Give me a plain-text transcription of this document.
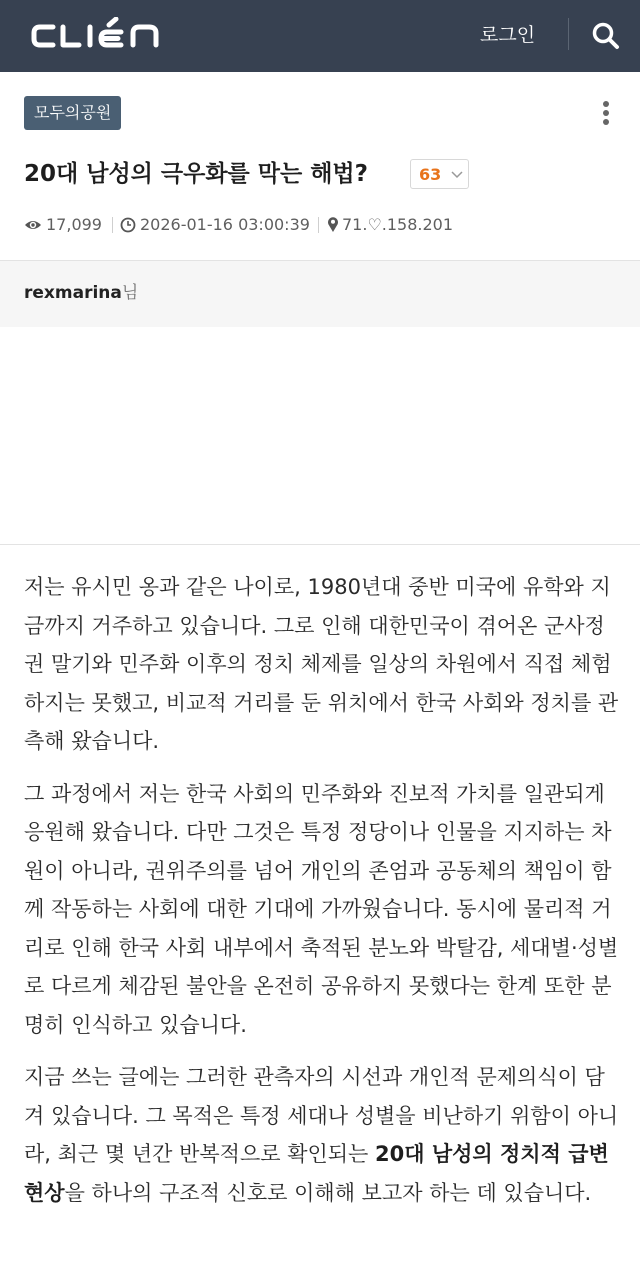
로그인
모두의공원
20대 남성의 극우화를 막는 해법?	63
17,099 2026-01-16 03:00:39 71.♡.158.201
rexmarina님

저는 유시민 옹과 같은 나이로, 1980년대 중반 미국에 유학와 지금까지 거주하고 있습니다. 그로 인해 대한민국이 겪어온 군사정권 말기와 민주화 이후의 정치 체제를 일상의 차원에서 직접 체험하지는 못했고, 비교적 거리를 둔 위치에서 한국 사회와 정치를 관측해 왔습니다.

그 과정에서 저는 한국 사회의 민주화와 진보적 가치를 일관되게 응원해 왔습니다. 다만 그것은 특정 정당이나 인물을 지지하는 차원이 아니라, 권위주의를 넘어 개인의 존엄과 공동체의 책임이 함께 작동하는 사회에 대한 기대에 가까웠습니다. 동시에 물리적 거리로 인해 한국 사회 내부에서 축적된 분노와 박탈감, 세대별·성별로 다르게 체감된 불안을 온전히 공유하지 못했다는 한계 또한 분명히 인식하고 있습니다.

지금 쓰는 글에는 그러한 관측자의 시선과 개인적 문제의식이 담겨 있습니다. 그 목적은 특정 세대나 성별을 비난하기 위함이 아니라, 최근 몇 년간 반복적으로 확인되는 20대 남성의 정치적 급변 현상을 하나의 구조적 신호로 이해해 보고자 하는 데 있습니다.
